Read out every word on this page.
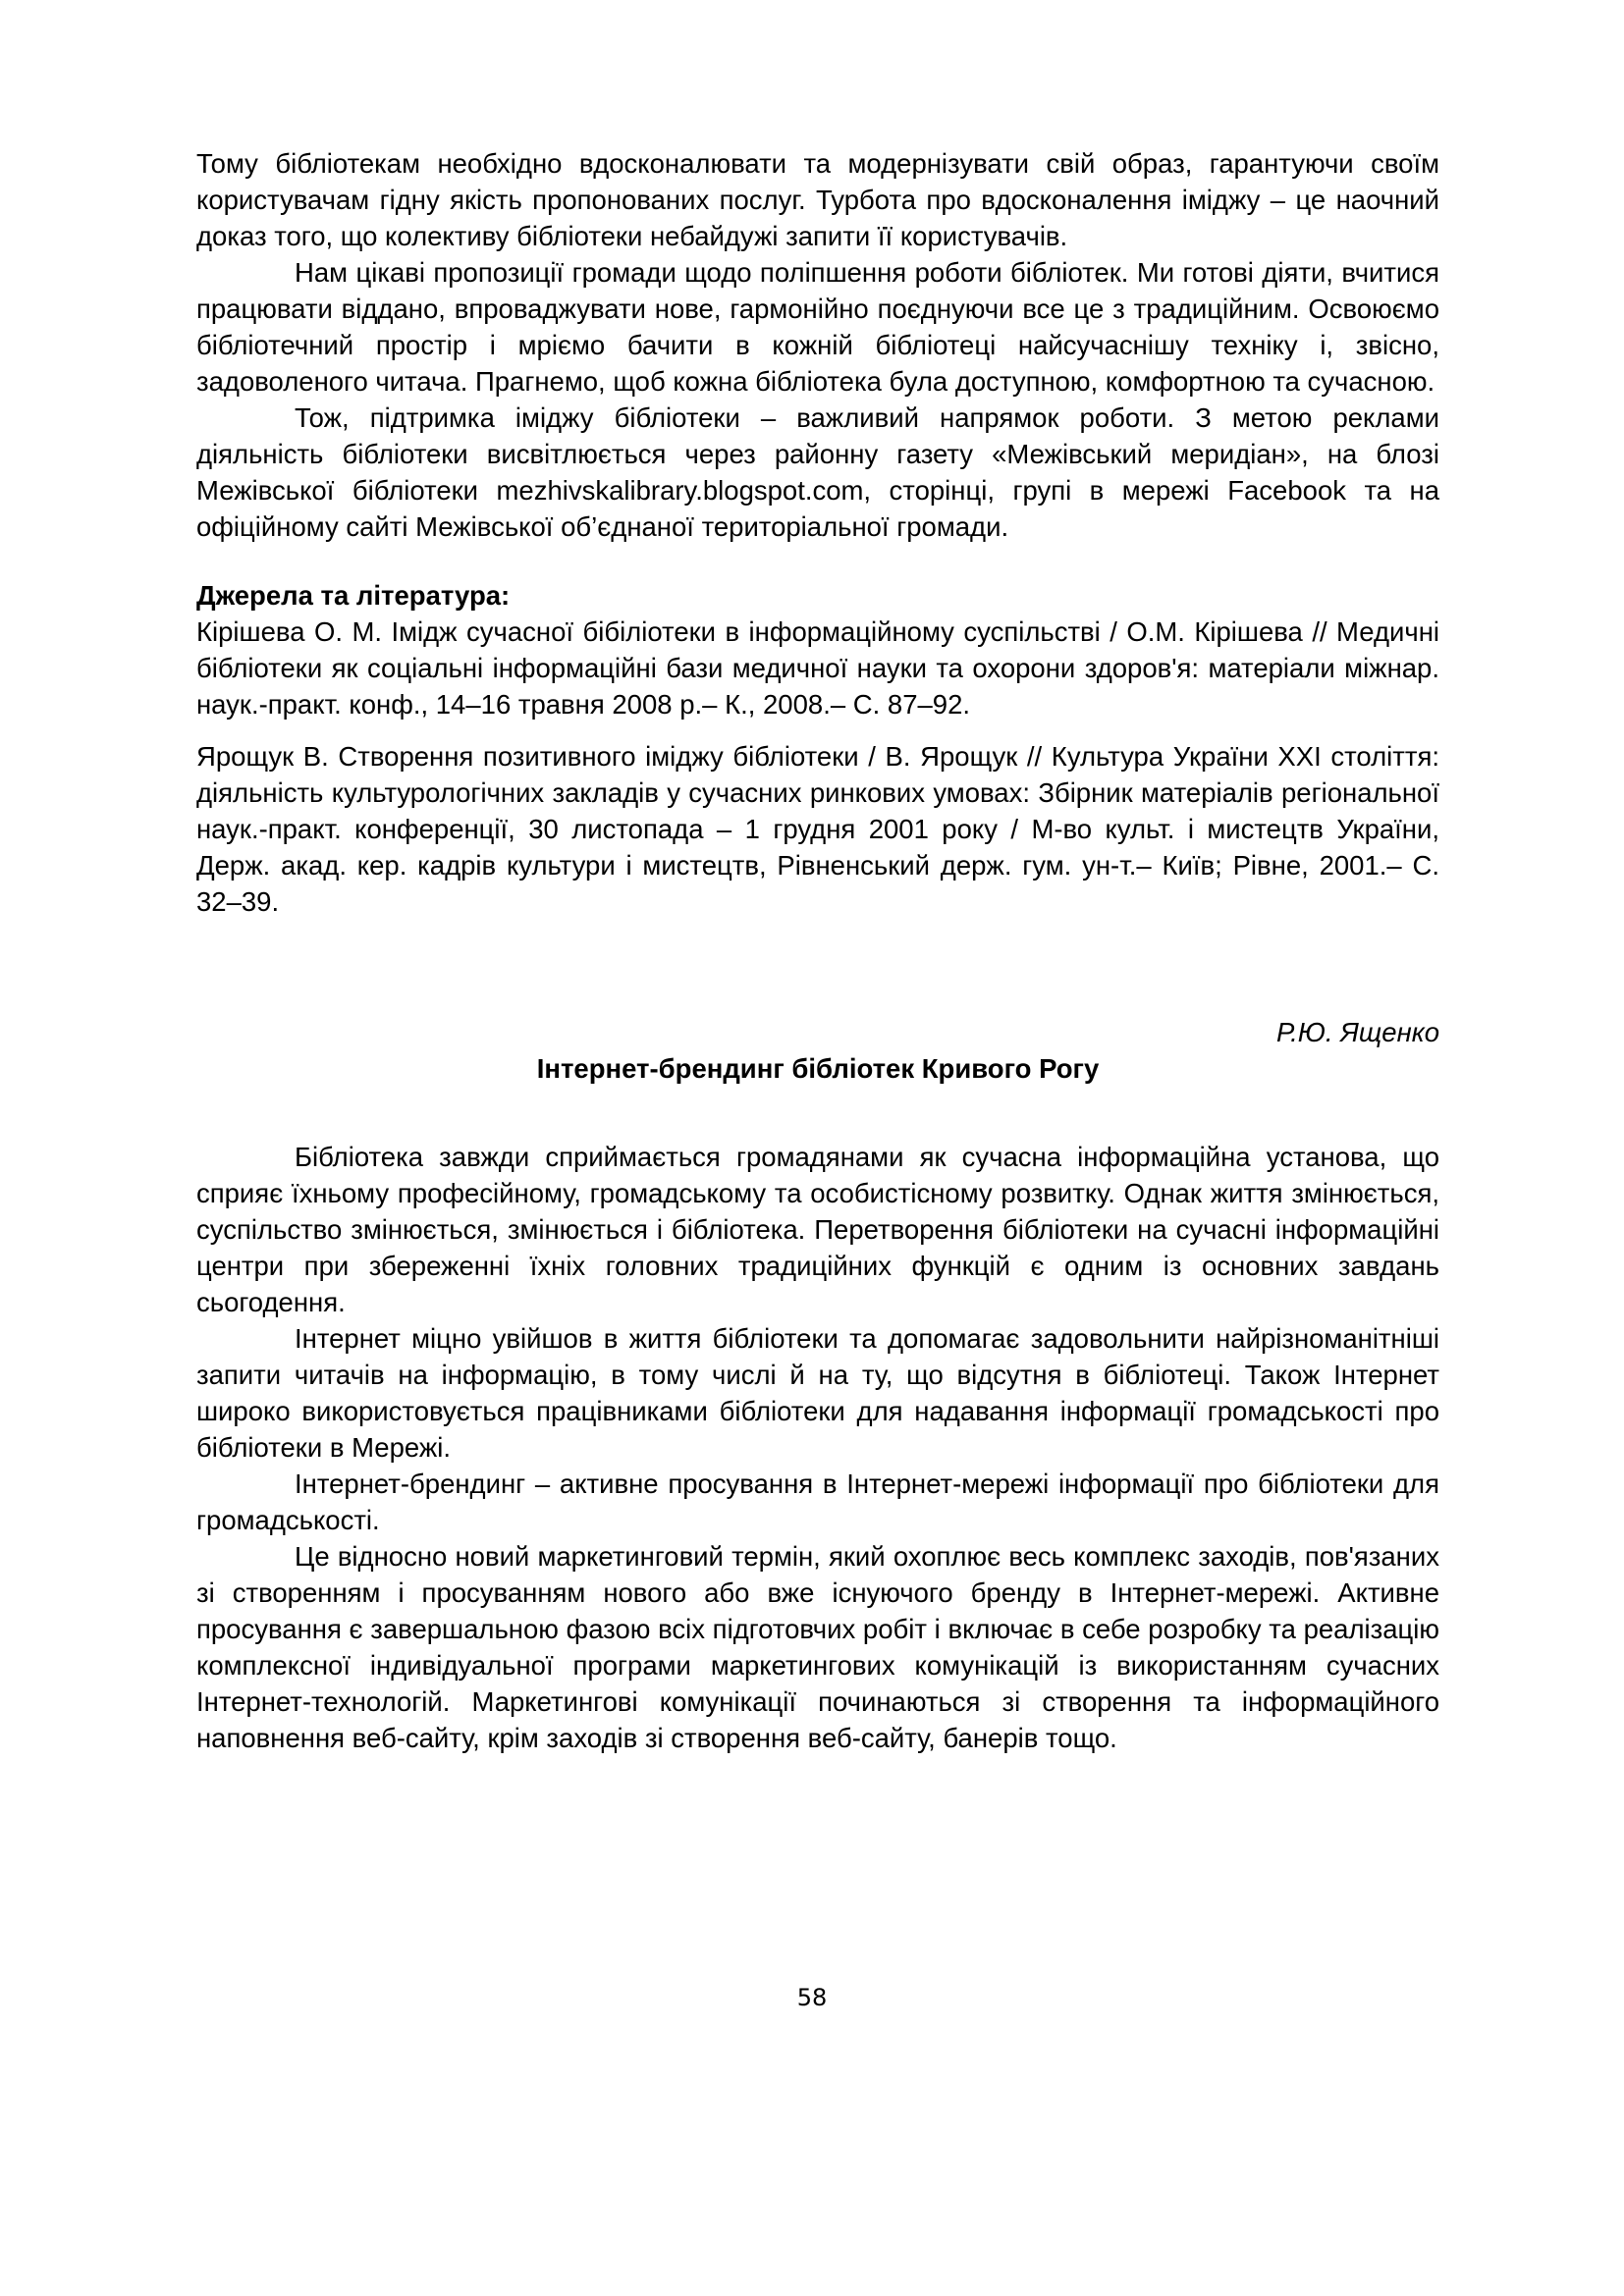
Тому бібліотекам необхідно вдосконалювати та модернізувати свій образ, гарантуючи своїм користувачам гідну якість пропонованих послуг. Турбота про вдосконалення іміджу – це наочний доказ того, що колективу бібліотеки небайдужі запити її користувачів.

Нам цікаві пропозиції громади щодо поліпшення роботи бібліотек. Ми готові діяти, вчитися працювати віддано, впроваджувати нове, гармонійно поєднуючи все це з традиційним. Освоюємо бібліотечний простір і мріємо бачити в кожній бібліотеці найсучаснішу техніку і, звісно, задоволеного читача. Прагнемо, щоб кожна бібліотека була доступною, комфортною та сучасною.

Тож, підтримка іміджу бібліотеки – важливий напрямок роботи. З метою реклами діяльність бібліотеки висвітлюється через районну газету «Межівський меридіан», на блозі Межівської бібліотеки mezhivskalibrary.blogspot.com, сторінці, групі в мережі Facebook та на офіційному сайті Межівської об’єднаної територіальної громади.

Джерела та література:

Кірішева О. М. Імідж сучасної бібіліотеки в інформаційному суспільстві / О.М. Кірішева // Медичні бібліотеки як соціальні інформаційні бази медичної науки та охорони здоров'я: матеріали міжнар. наук.-практ. конф., 14–16 травня 2008 р.– К., 2008.– С. 87–92.

Ярощук В. Створення позитивного іміджу бібліотеки / В. Ярощук // Культура України XXI століття: діяльність культурологічних закладів у сучасних ринкових умовах: Збірник матеріалів регіональної наук.-практ. конференції, 30 листопада – 1 грудня 2001 року / М-во культ. і мистецтв України, Держ. акад. кер. кадрів культури і мистецтв, Рівненський держ. гум. ун-т.– Київ; Рівне, 2001.– С. 32–39.

Р.Ю. Ященко

Інтернет-брендинг бібліотек Кривого Рогу

Бібліотека завжди сприймається громадянами як сучасна інформаційна установа, що сприяє їхньому професійному, громадському та особистісному розвитку. Однак життя змінюється, суспільство змінюється, змінюється і бібліотека. Перетворення бібліотеки на сучасні інформаційні центри при збереженні їхніх головних традиційних функцій є одним із основних завдань сьогодення.

Інтернет міцно увійшов в життя бібліотеки та допомагає задовольнити найрізноманітніші запити читачів на інформацію, в тому числі й на ту, що відсутня в бібліотеці. Також Інтернет широко використовується працівниками бібліотеки для надавання інформації громадськості про бібліотеки в Мережі.

Інтернет-брендинг – активне просування в Інтернет-мережі інформації про бібліотеки для громадськості.

Це відносно новий маркетинговий термін, який охоплює весь комплекс заходів, пов'язаних зі створенням і просуванням нового або вже існуючого бренду в Інтернет-мережі. Активне просування є завершальною фазою всіх підготовчих робіт і включає в себе розробку та реалізацію комплексної індивідуальної програми маркетингових комунікацій із використанням сучасних Інтернет-технологій. Маркетингові комунікації починаються зі створення та інформаційного наповнення веб-сайту, крім заходів зі створення веб-сайту, банерів тощо.

58
